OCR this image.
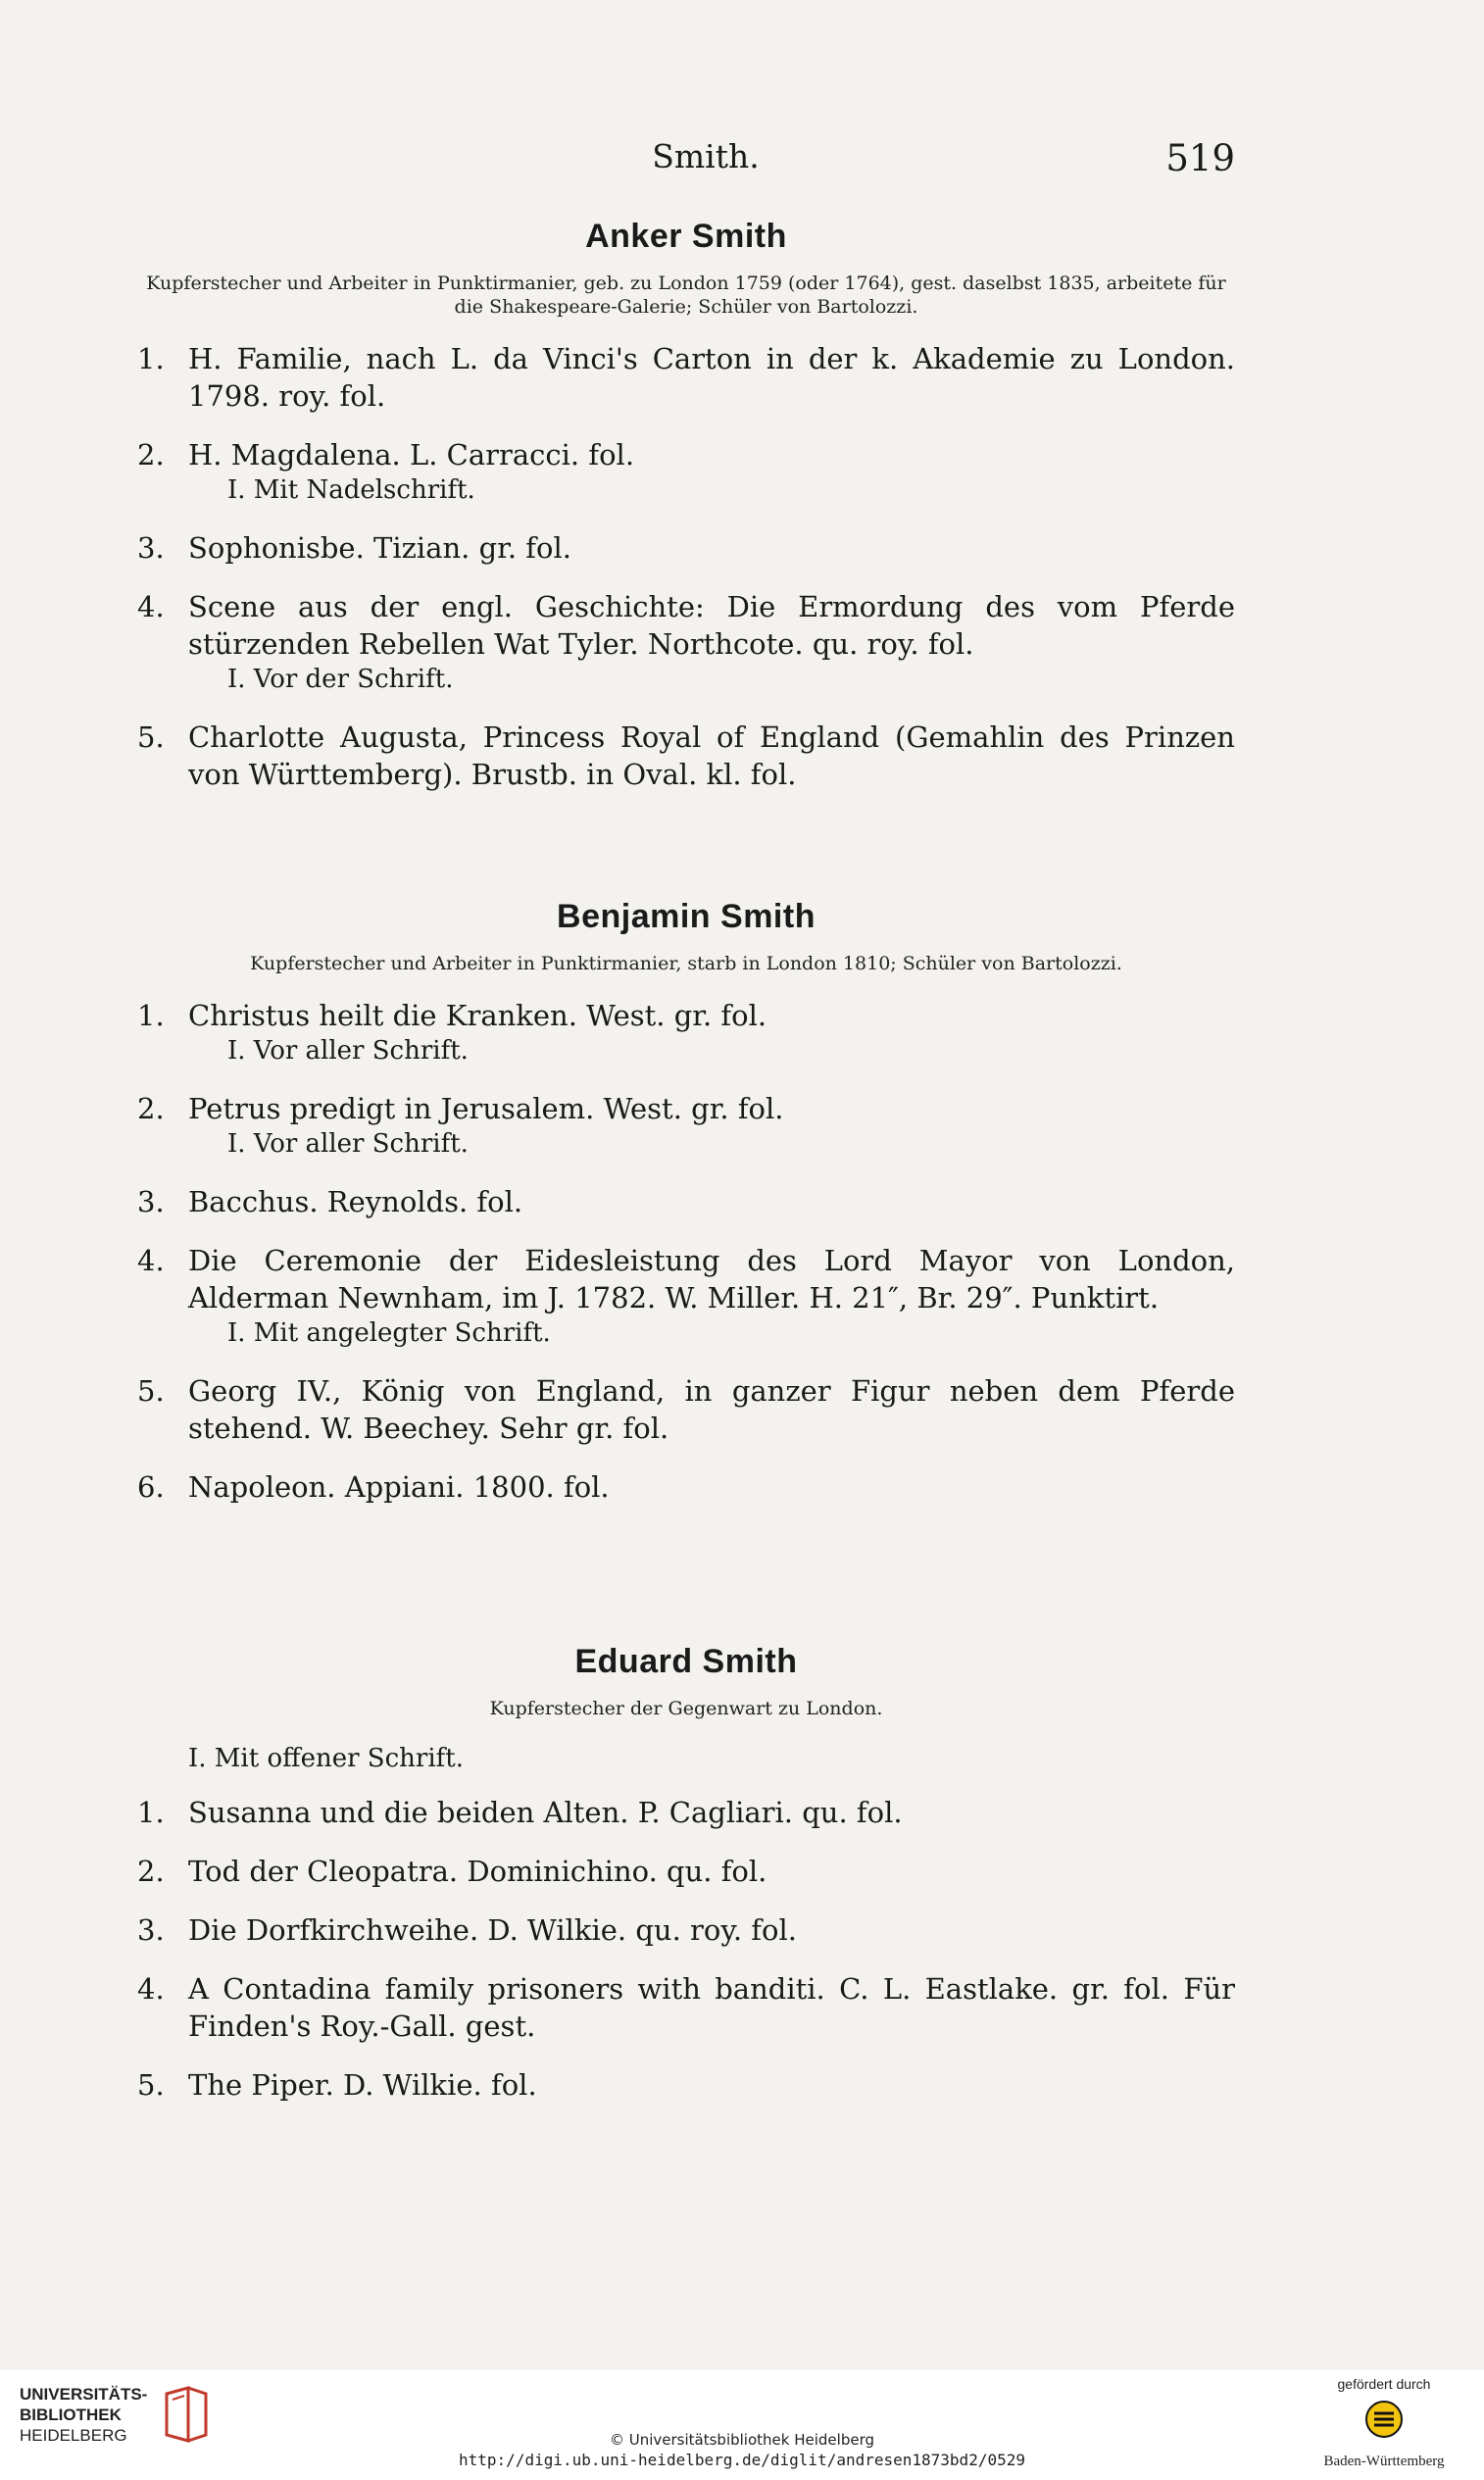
Smith.	519
Anker Smith

Kupferstecher und Arbeiter in Punktirmanier, geb. zu London 1759 (oder 1764), gest. daselbst 1835, arbeitete für die Shakespeare-Galerie; Schüler von Bartolozzi.

1. H. Familie, nach L. da Vinci's Carton in der k. Akademie zu London. 1798. roy. fol.
2. H. Magdalena. L. Carracci. fol.
I. Mit Nadelschrift.
3. Sophonisbe. Tizian. gr. fol.
4. Scene aus der engl. Geschichte: Die Ermordung des vom Pferde stürzenden Rebellen Wat Tyler. Northcote. qu. roy. fol.
I. Vor der Schrift.
5. Charlotte Augusta, Princess Royal of England (Gemahlin des Prinzen von Württemberg). Brustb. in Oval. kl. fol.
Benjamin Smith

Kupferstecher und Arbeiter in Punktirmanier, starb in London 1810; Schüler von Bartolozzi.

1. Christus heilt die Kranken. West. gr. fol.
I. Vor aller Schrift.
2. Petrus predigt in Jerusalem. West. gr. fol.
I. Vor aller Schrift.
3. Bacchus. Reynolds. fol.
4. Die Ceremonie der Eidesleistung des Lord Mayor von London, Alderman Newnham, im J. 1782. W. Miller. H. 21″, Br. 29″. Punktirt.
I. Mit angelegter Schrift.
5. Georg IV., König von England, in ganzer Figur neben dem Pferde stehend. W. Beechey. Sehr gr. fol.
6. Napoleon. Appiani. 1800. fol.
Eduard Smith

Kupferstecher der Gegenwart zu London.

I. Mit offener Schrift.
1. Susanna und die beiden Alten. P. Cagliari. qu. fol.
2. Tod der Cleopatra. Dominichino. qu. fol.
3. Die Dorfkirchweihe. D. Wilkie. qu. roy. fol.
4. A Contadina family prisoners with banditi. C. L. Eastlake. gr. fol. Für Finden's Roy.-Gall. gest.
5. The Piper. D. Wilkie. fol.
UNIVERSITÄTS-
BIBLIOTHEK
HEIDELBERG	© Universitätsbibliothek Heidelberg
http://digi.ub.uni-heidelberg.de/diglit/andresen1873bd2/0529
gefördert durch
Baden-Württemberg
